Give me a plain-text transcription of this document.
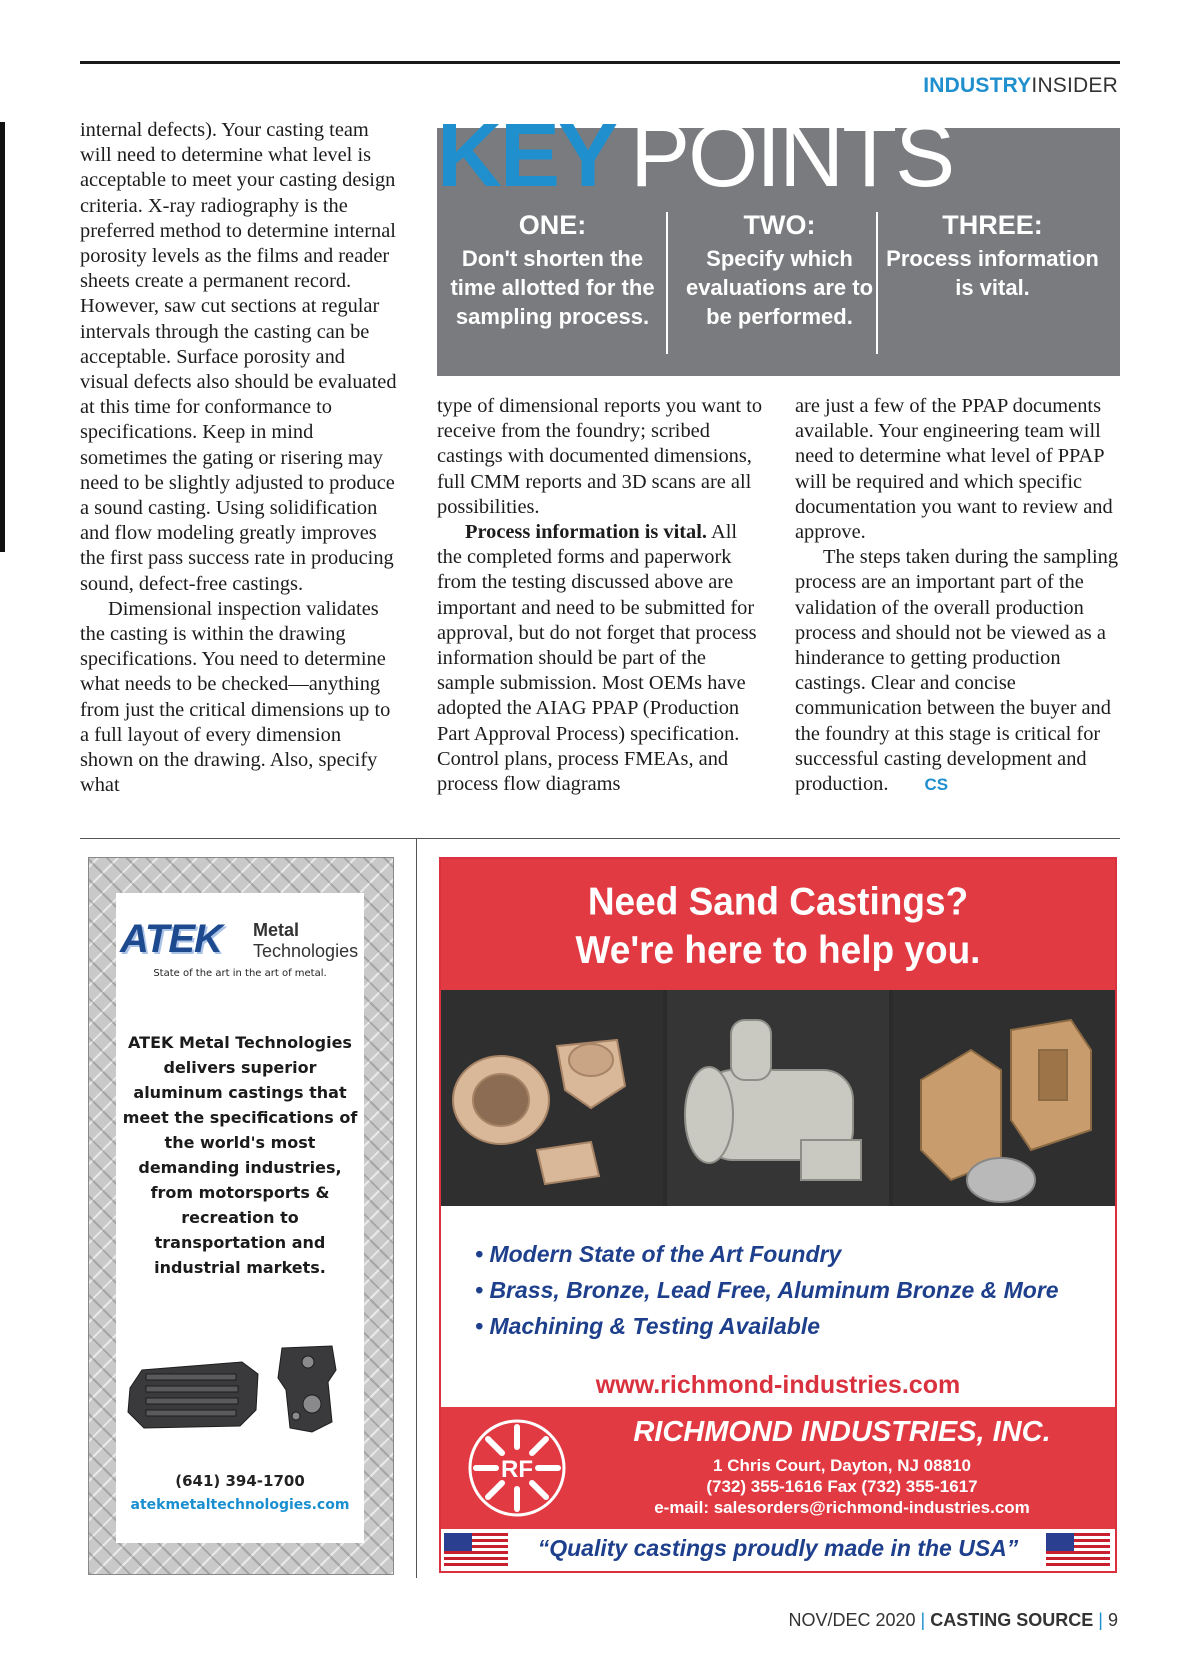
INDUSTRYINSIDER

internal defects). Your casting team will need to determine what level is acceptable to meet your casting design criteria. X-ray radiography is the preferred method to determine internal porosity levels as the films and reader sheets create a permanent record. However, saw cut sections at regular intervals through the casting can be acceptable. Surface porosity and visual defects also should be evaluated at this time for conformance to specifications. Keep in mind sometimes the gating or risering may need to be slightly adjusted to produce a sound casting. Using solidification and flow modeling greatly improves the first pass success rate in producing sound, defect-free castings.

Dimensional inspection validates the casting is within the drawing specifications. You need to determine what needs to be checked—anything from just the critical dimensions up to a full layout of every dimension shown on the drawing. Also, specify what

KEY POINTS
ONE:
Don't shorten the time allotted for the sampling process.
TWO:
Specify which evaluations are to be performed.
THREE:
Process information is vital.

type of dimensional reports you want to receive from the foundry; scribed castings with documented dimensions, full CMM reports and 3D scans are all possibilities.

Process information is vital. All the completed forms and paperwork from the testing discussed above are important and need to be submitted for approval, but do not forget that process information should be part of the sample submission. Most OEMs have adopted the AIAG PPAP (Production Part Approval Process) specification. Control plans, process FMEAs, and process flow diagrams

are just a few of the PPAP documents available. Your engineering team will need to determine what level of PPAP will be required and which specific documentation you want to review and approve.

The steps taken during the sampling process are an important part of the validation of the overall production process and should not be viewed as a hinderance to getting production castings. Clear and concise communication between the buyer and the foundry at this stage is critical for successful casting development and production. CS

ATEK Metal
Technologies
State of the art in the art of metal.
ATEK Metal Technologies delivers superior aluminum castings that meet the specifications of the world's most demanding industries, from motorsports & recreation to transportation and industrial markets.
(641) 394-1700
atekmetaltechnologies.com
Need Sand Castings?
We're here to help you.
• Modern State of the Art Foundry
• Brass, Bronze, Lead Free, Aluminum Bronze & More
• Machining & Testing Available
www.richmond-industries.com
RF
RICHMOND INDUSTRIES, INC.
1 Chris Court, Dayton, NJ 08810
(732) 355-1616 Fax (732) 355-1617
e-mail: salesorders@richmond-industries.com
“Quality castings proudly made in the USA”
NOV/DEC 2020 | CASTING SOURCE | 9
